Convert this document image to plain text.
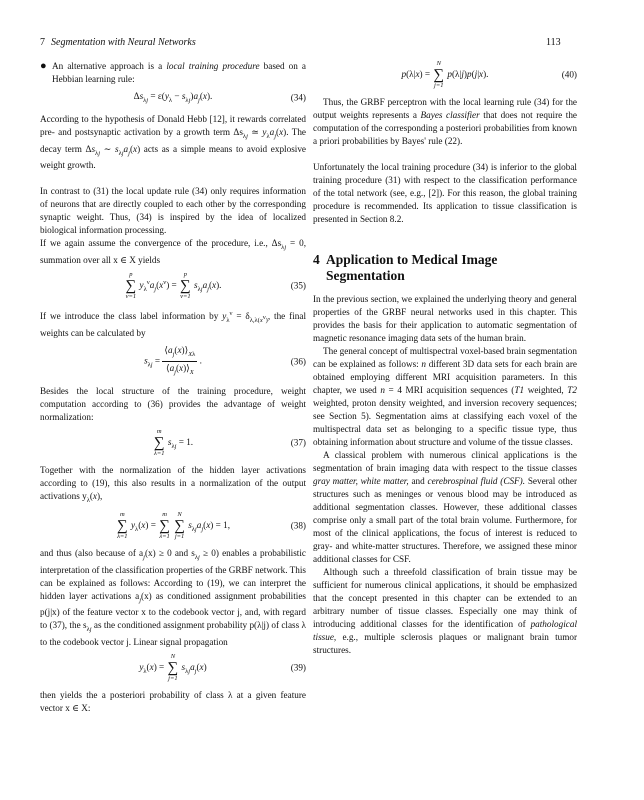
7 Segmentation with Neural Networks	113

● An alternative approach is a local training procedure based on a Hebbian learning rule:

$\Delta s_{\lambda j} = \varepsilon(y_\lambda - s_{\lambda j})a_j(x)$.	(34)

According to the hypothesis of Donald Hebb [12], it rewards correlated pre- and postsynaptic activation by a growth term $\Delta s_{\lambda j}$ ≃ $y_\lambda a_j(x)$. The decay term $\Delta s_{\lambda j}$ ∼ $s_{\lambda j}a_j(x)$ acts as a simple means to avoid explosive weight growth.

In contrast to (31) the local update rule (34) only requires information of neurons that are directly coupled to each other by the corresponding synaptic weight. Thus, (34) is inspired by the idea of localized biological information processing.

If we again assume the convergence of the procedure, i.e., $\Delta s_{\lambda j} = 0$, summation over all x ∈ X yields

p
∑
ν=1
$y_\lambda^\nu a_j(x^\nu)$ =
p
∑
ν=1
$s_{\lambda j}a_j(x)$.	(35)

If we introduce the class label information by $y_\lambda^\nu = \delta_{\lambda,\lambda(x^\nu)}$, the final weights can be calculated by

$s_{\lambda j} = \frac{⟨a_j(x)⟩_{X\lambda}}{⟨a_j(x)⟩_X}$ .	(36)

Besides the local structure of the training procedure, weight computation according to (36) provides the advantage of weight normalization:

m
∑
λ=1
$s_{\lambda j} = 1$.	(37)

Together with the normalization of the hidden layer activations according to (19), this also results in a normalization of the output activations $y_\lambda(x)$,

m
∑
λ=1
$y_\lambda(x)$ =
m
∑
λ=1

N
∑
j=1
$s_{\lambda j}a_j(x) = 1$,	(38)

and thus (also because of $a_j(x) \ge 0$ and $s_{\lambda j} \ge 0$) enables a probabilistic interpretation of the classification properties of the GRBF network. This can be explained as follows: According to (19), we can interpret the hidden layer activations $a_j(x)$ as conditioned assignment probabilities p(j|x) of the feature vector x to the codebook vector j, and, with regard to (37), the $s_{\lambda j}$ as the conditioned assignment probability p(λ|j) of class λ to the codebook vector j. Linear signal propagation

$y_\lambda(x)$ =
N
∑
j=1
$s_{\lambda j}a_j(x)$	(39)

then yields the a posteriori probability of class λ at a given feature vector x ∈ X:

p(λ|x) =
N
∑
j=1
p(λ|j)p(j|x).	(40)

Thus, the GRBF perceptron with the local learning rule (34) for the output weights represents a Bayes classifier that does not require the computation of the corresponding a posteriori probabilities from known a priori probabilities by Bayes' rule (22).

Unfortunately the local training procedure (34) is inferior to the global training procedure (31) with respect to the classification performance of the total network (see, e.g., [2]). For this reason, the global training procedure is recommended. Its application to tissue classification is presented in Section 8.2.

4 Application to Medical Image
Segmentation

In the previous section, we explained the underlying theory and general properties of the GRBF neural networks used in this chapter. This provides the basis for their application to automatic segmentation of magnetic resonance imaging data sets of the human brain.

The general concept of multispectral voxel-based brain segmentation can be explained as follows: n different 3D data sets for each brain are obtained employing different MRI acquisition parameters. In this chapter, we used n = 4 MRI acquisition sequences (T1 weighted, T2 weighted, proton density weighted, and inversion recovery sequences; see Section 5). Segmentation aims at classifying each voxel of the multispectral data set as belonging to a specific tissue type, thus obtaining information about structure and volume of the tissue classes.

A classical problem with numerous clinical applications is the segmentation of brain imaging data with respect to the tissue classes gray matter, white matter, and cerebrospinal fluid (CSF). Several other structures such as meninges or venous blood may be introduced as additional segmentation classes. However, these additional classes comprise only a small part of the total brain volume. Furthermore, for most of the clinical applications, the focus of interest is reduced to gray- and white-matter structures. Therefore, we assigned these minor additional classes for CSF.

Although such a threefold classification of brain tissue may be sufficient for numerous clinical applications, it should be emphasized that the concept presented in this chapter can be extended to an arbitrary number of tissue classes. Especially one may think of introducing additional classes for the identification of pathological tissue, e.g., multiple sclerosis plaques or malignant brain tumor structures.
